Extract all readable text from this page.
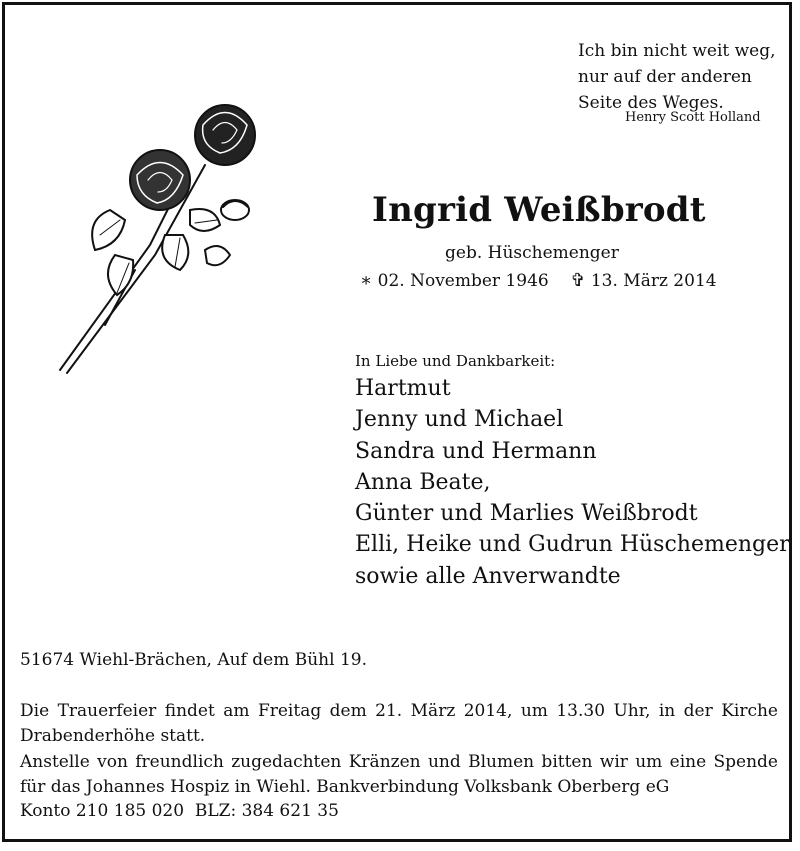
Ich bin nicht weit weg,
nur auf der anderen
Seite des Weges.
Henry Scott Holland
Ingrid Weißbrodt
geb. Hüschemenger
∗ 02. November 1946 ✞ 13. März 2014
In Liebe und Dankbarkeit:
Hartmut
Jenny und Michael
Sandra und Hermann
Anna Beate,
Günter und Marlies Weißbrodt
Elli, Heike und Gudrun Hüschemenger
sowie alle Anverwandte
51674 Wiehl-Brächen, Auf dem Bühl 19.
Die Trauerfeier findet am Freitag dem 21. März 2014, um 13.30 Uhr, in der Kirche Drabenderhöhe statt.
Anstelle von freundlich zugedachten Kränzen und Blumen bitten wir um eine Spende für das Johannes Hospiz in Wiehl. Bankverbindung Volksbank Oberberg eG
Konto 210 185 020  BLZ: 384 621 35
